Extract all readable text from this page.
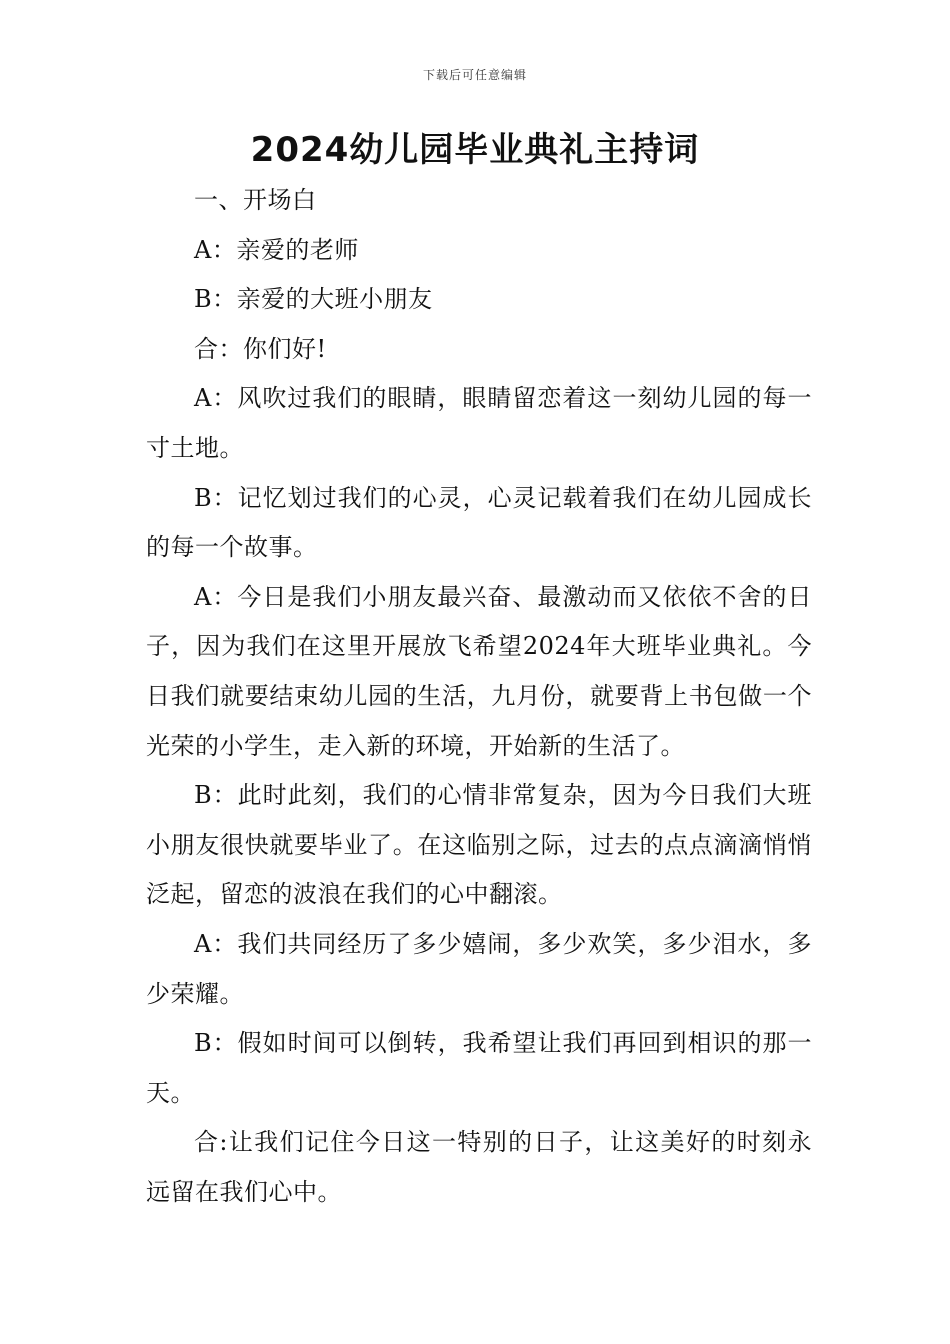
下载后可任意编辑
2024幼儿园毕业典礼主持词

一、开场白

A：亲爱的老师

B：亲爱的大班小朋友

合：你们好!

A：风吹过我们的眼睛，眼睛留恋着这一刻幼儿园的每一寸土地。

B：记忆划过我们的心灵，心灵记载着我们在幼儿园成长的每一个故事。

A：今日是我们小朋友最兴奋、最激动而又依依不舍的日子，因为我们在这里开展放飞希望2024年大班毕业典礼。今日我们就要结束幼儿园的生活，九月份，就要背上书包做一个光荣的小学生，走入新的环境，开始新的生活了。

B：此时此刻，我们的心情非常复杂，因为今日我们大班小朋友很快就要毕业了。在这临别之际，过去的点点滴滴悄悄泛起，留恋的波浪在我们的心中翻滚。

A：我们共同经历了多少嬉闹，多少欢笑，多少泪水，多少荣耀。

B：假如时间可以倒转，我希望让我们再回到相识的那一天。

合:让我们记住今日这一特别的日子，让这美好的时刻永远留在我们心中。
